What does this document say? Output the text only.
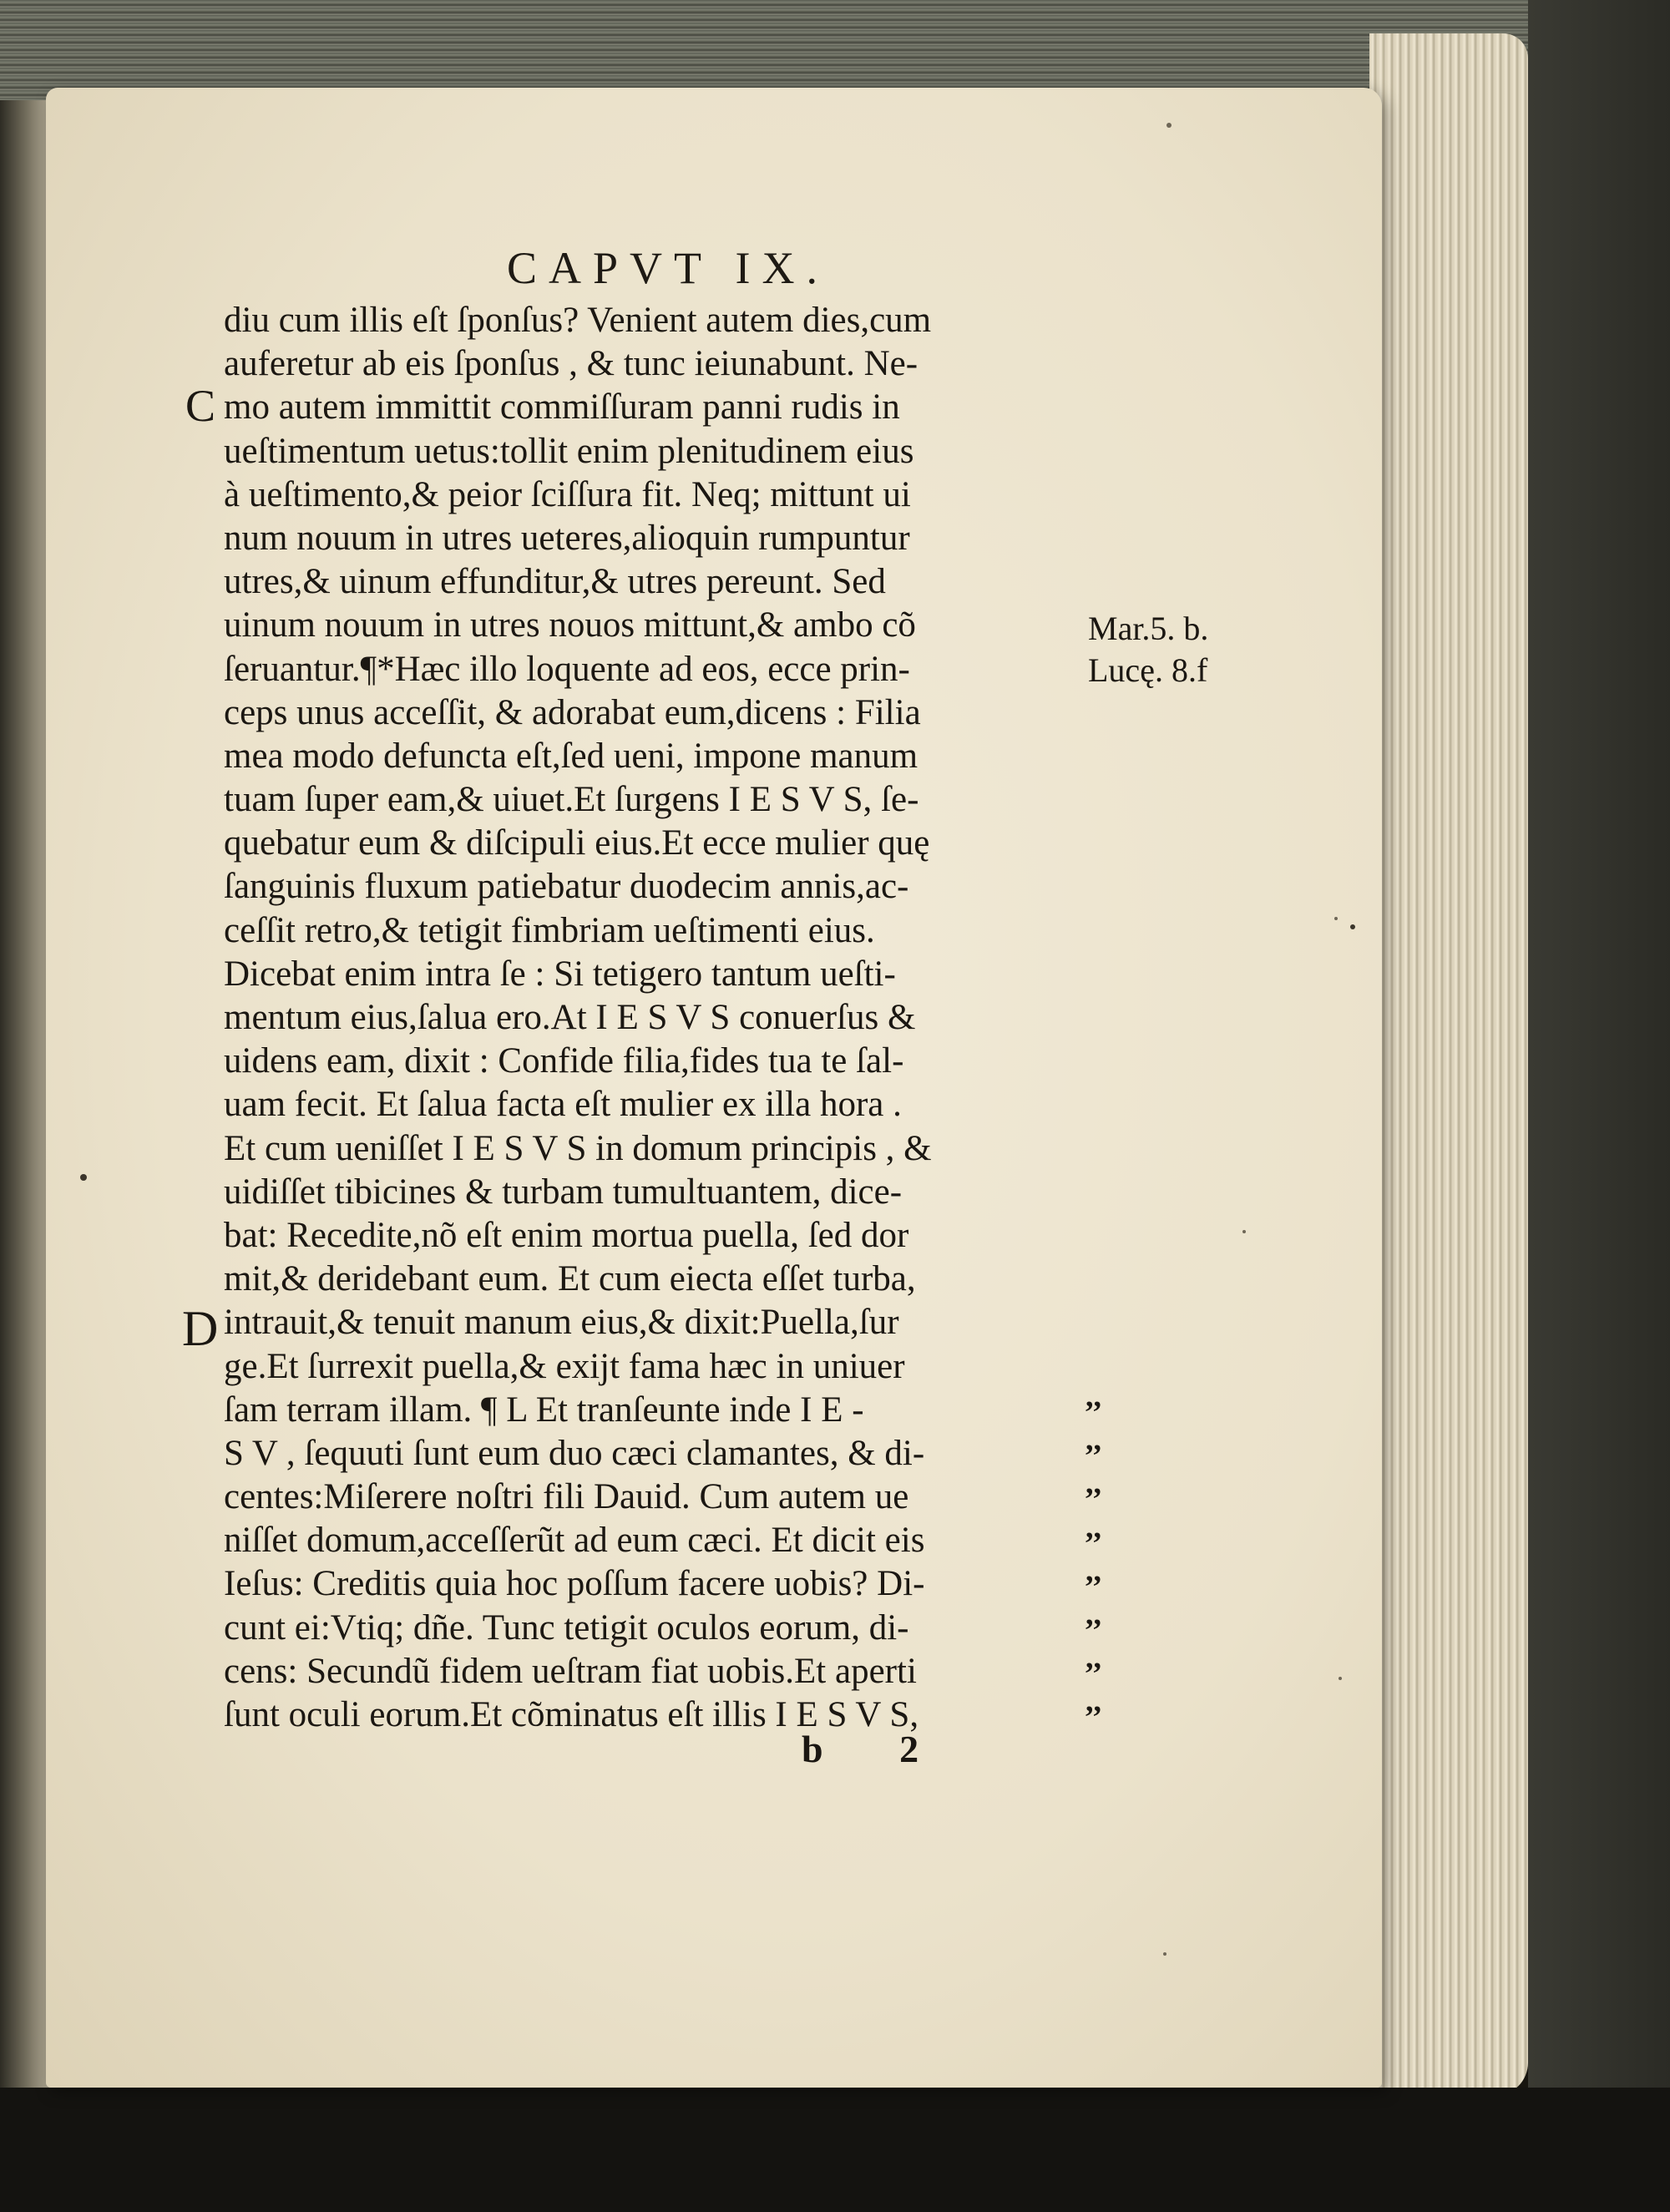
CAPVT IX.
C
D
diu cum illis eſt ſponſus? Venient autem dies,cum
auferetur ab eis ſponſus , & tunc ieiunabunt. Ne-
mo autem immittit commiſſuram panni rudis in
ueſtimentum uetus:tollit enim plenitudinem eius
à ueſtimento,& peior ſciſſura fit. Neq; mittunt ui
num nouum in utres ueteres,alioquin rumpuntur
utres,& uinum effunditur,& utres pereunt. Sed
uinum nouum in utres nouos mittunt,& ambo cõ
ſeruantur.¶*Hæc illo loquente ad eos, ecce prin-
ceps unus acceſſit, & adorabat eum,dicens : Filia
mea modo defuncta eſt,ſed ueni, impone manum
tuam ſuper eam,& uiuet.Et ſurgens I E S V S, ſe-
quebatur eum & diſcipuli eius.Et ecce mulier quę
ſanguinis fluxum patiebatur duodecim annis,ac-
ceſſit retro,& tetigit fimbriam ueſtimenti eius.
Dicebat enim intra ſe : Si tetigero tantum ueſti-
mentum eius,ſalua ero.At I E S V S conuerſus &
uidens eam, dixit : Confide filia,fides tua te ſal-
uam fecit. Et ſalua facta eſt mulier ex illa hora .
Et cum ueniſſet I E S V S in domum principis , &
uidiſſet tibicines & turbam tumultuantem, dice-
bat: Recedite,nõ eſt enim mortua puella, ſed dor
mit,& deridebant eum. Et cum eiecta eſſet turba,
intrauit,& tenuit manum eius,& dixit:Puella,ſur
ge.Et ſurrexit puella,& exijt fama hæc in uniuer
ſam terram illam. ¶ L Et tranſeunte inde I E -
S V , ſequuti ſunt eum duo cæci clamantes, & di-
centes:Miſerere noſtri fili Dauid. Cum autem ue
niſſet domum,acceſſerũt ad eum cæci. Et dicit eis
Ieſus: Creditis quia hoc poſſum facere uobis? Di-
cunt ei:Vtiq; dñe. Tunc tetigit oculos eorum, di-
cens: Secundũ fidem ueſtram fiat uobis.Et aperti
ſunt oculi eorum.Et cõminatus eſt illis I E S V S,
Mar.5. b.
Lucę. 8.f
,,
,,
,,
,,
,,
,,
,,
,,
b 2
